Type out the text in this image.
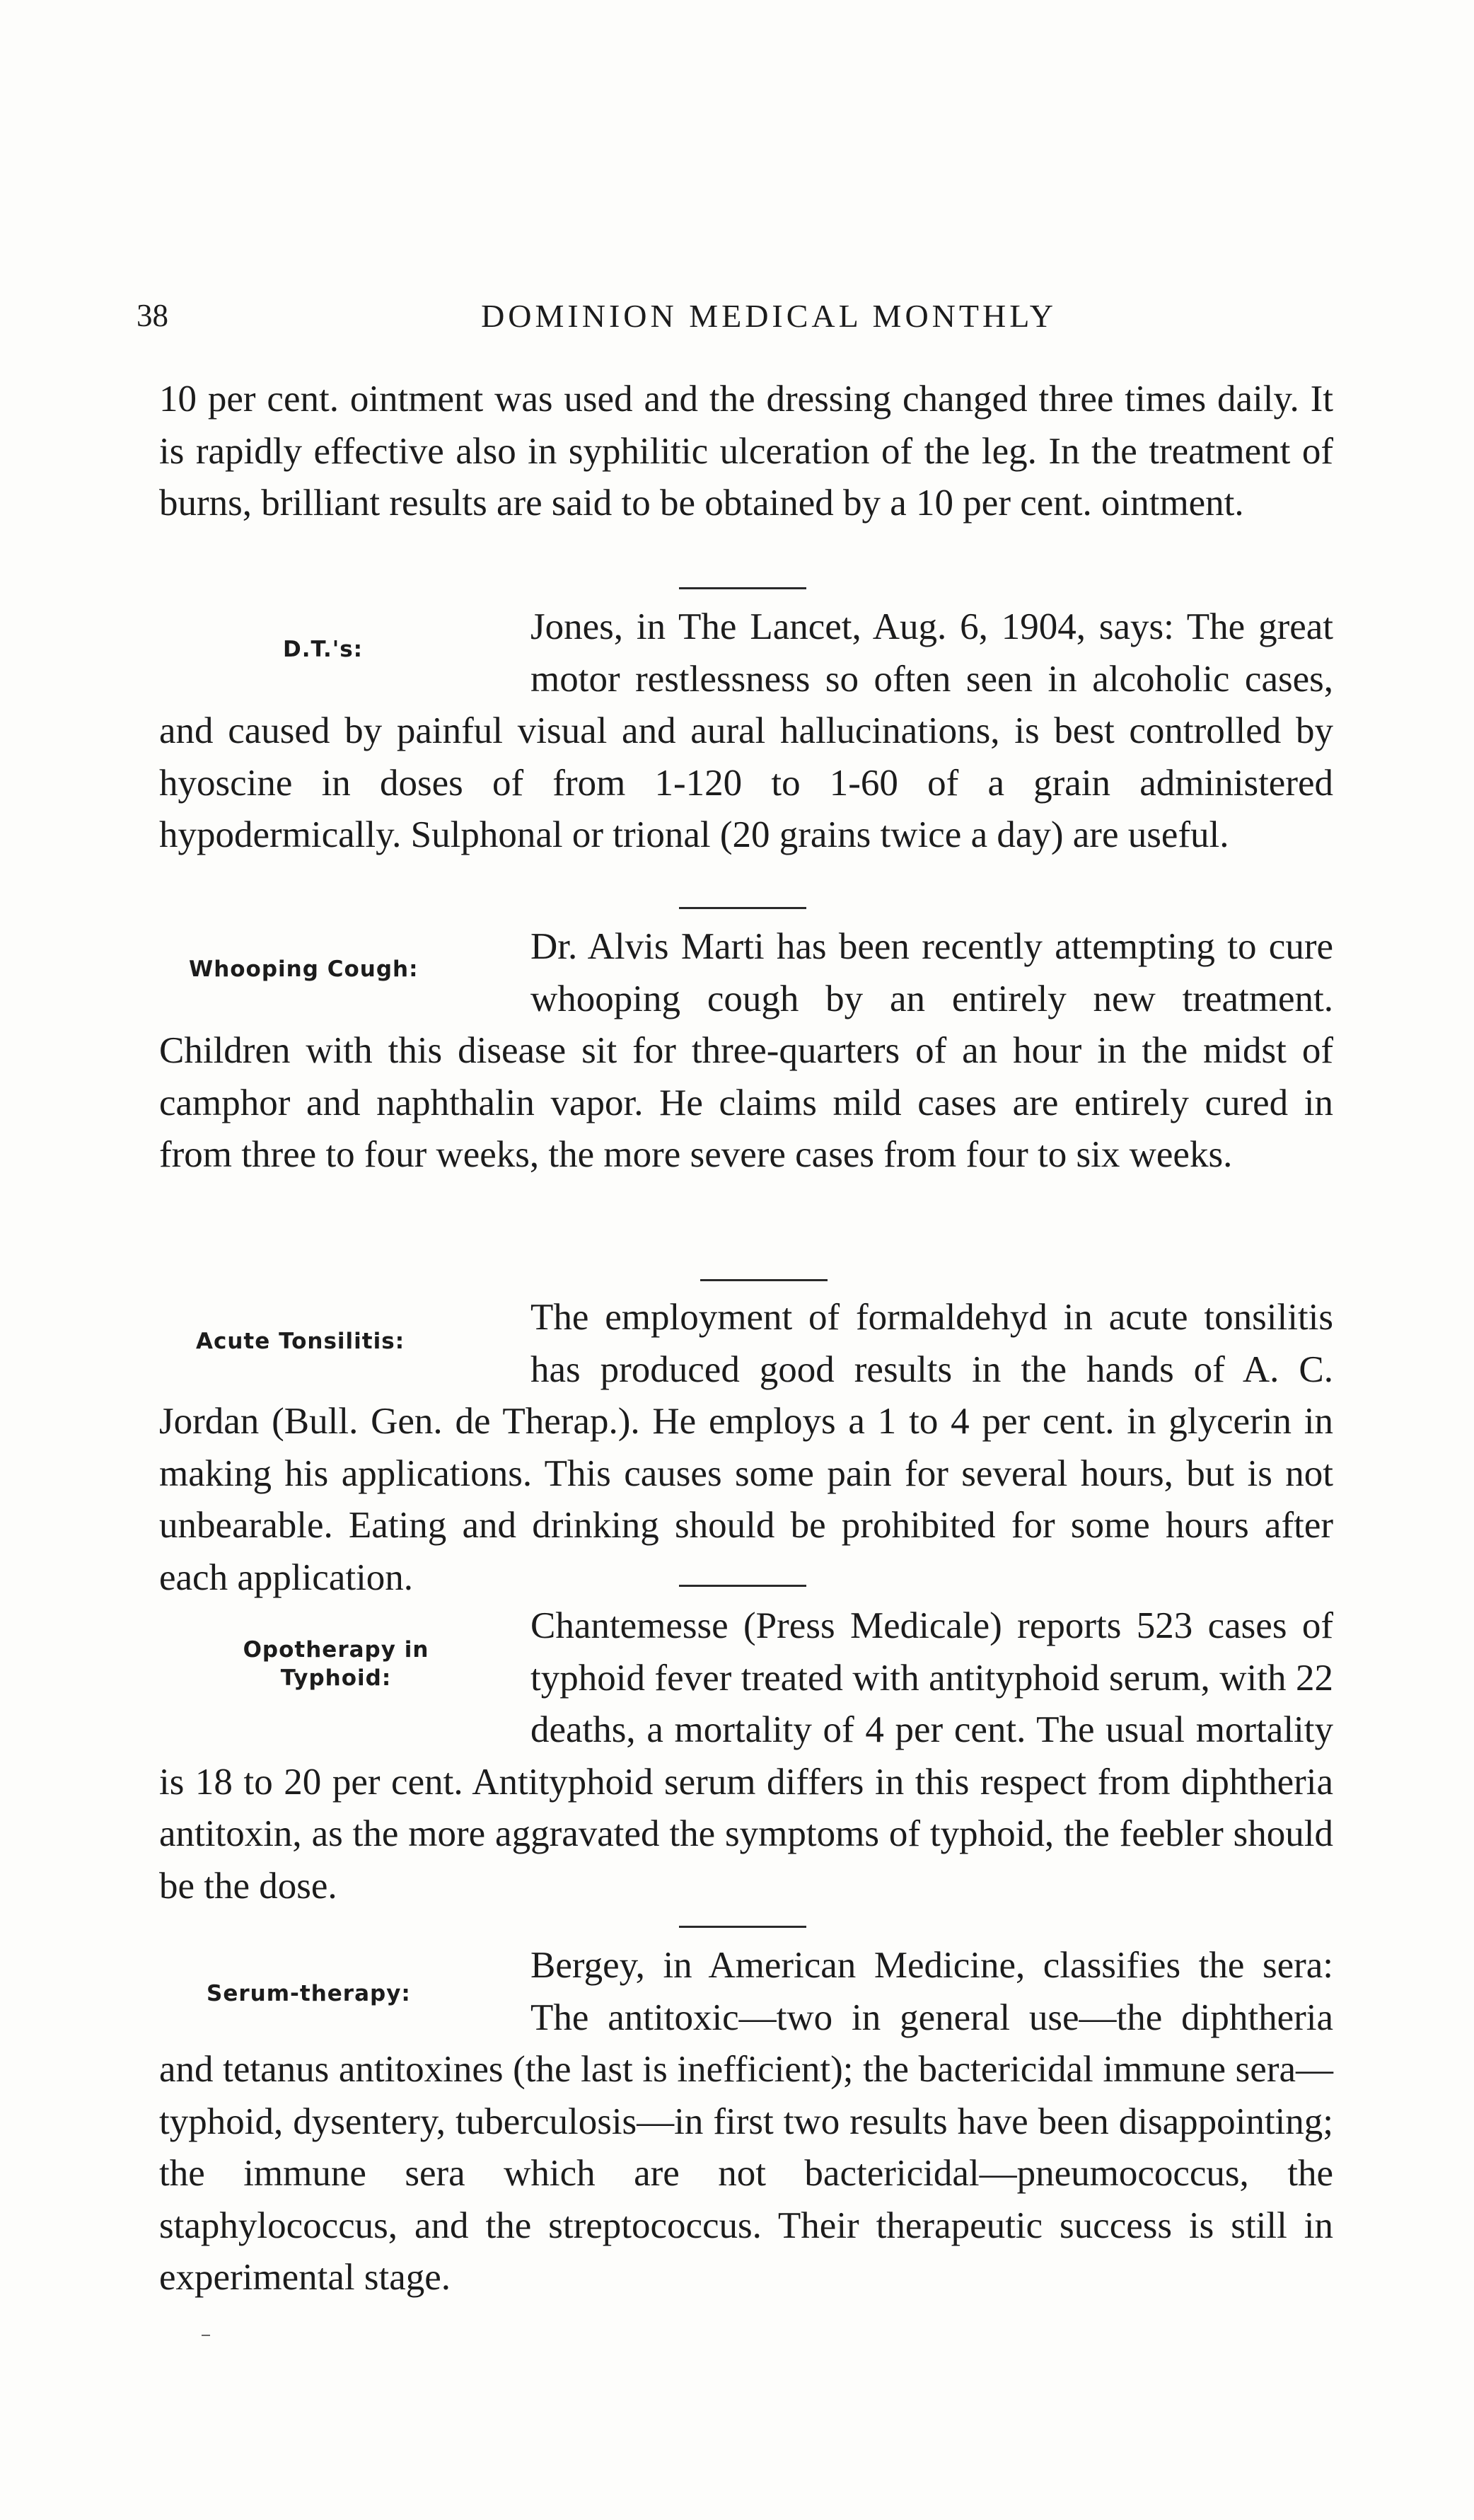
38	DOMINION MEDICAL MONTHLY

10 per cent. ointment was used and the dressing changed three times daily. It is rapidly effective also in syphilitic ulceration of the leg. In the treatment of burns, brilliant results are said to be obtained by a 10 per cent. ointment.

D.T.'s:

Jones, in The Lancet, Aug. 6, 1904, says: The great motor restlessness so often seen in alcoholic cases, and caused by painful visual and aural hallucinations, is best controlled by hyoscine in doses of from 1-120 to 1-60 of a grain administered hypodermically. Sulphonal or trional (20 grains twice a day) are useful.

Whooping Cough:

Dr. Alvis Marti has been recently attempting to cure whooping cough by an entirely new treatment. Children with this disease sit for three-quarters of an hour in the midst of camphor and naphthalin vapor. He claims mild cases are entirely cured in from three to four weeks, the more severe cases from four to six weeks.

Acute Tonsilitis:

The employment of formaldehyd in acute tonsilitis has produced good results in the hands of A. C. Jordan (Bull. Gen. de Therap.). He employs a 1 to 4 per cent. in glycerin in making his applications. This causes some pain for several hours, but is not unbearable. Eating and drinking should be prohibited for some hours after each application.

Opotherapy in
Typhoid:

Chantemesse (Press Medicale) reports 523 cases of typhoid fever treated with antityphoid serum, with 22 deaths, a mortality of 4 per cent. The usual mortality is 18 to 20 per cent. Antityphoid serum differs in this respect from diphtheria antitoxin, as the more aggravated the symptoms of typhoid, the feebler should be the dose.

Serum-therapy:

Bergey, in American Medicine, classifies the sera: The antitoxic—two in general use—the diphtheria and tetanus antitoxines (the last is inefficient); the bactericidal immune sera—typhoid, dysentery, tuberculosis—in first two results have been disappointing; the immune sera which are not bactericidal—pneumococcus, the staphylococcus, and the streptococcus. Their therapeutic success is still in experimental stage.
